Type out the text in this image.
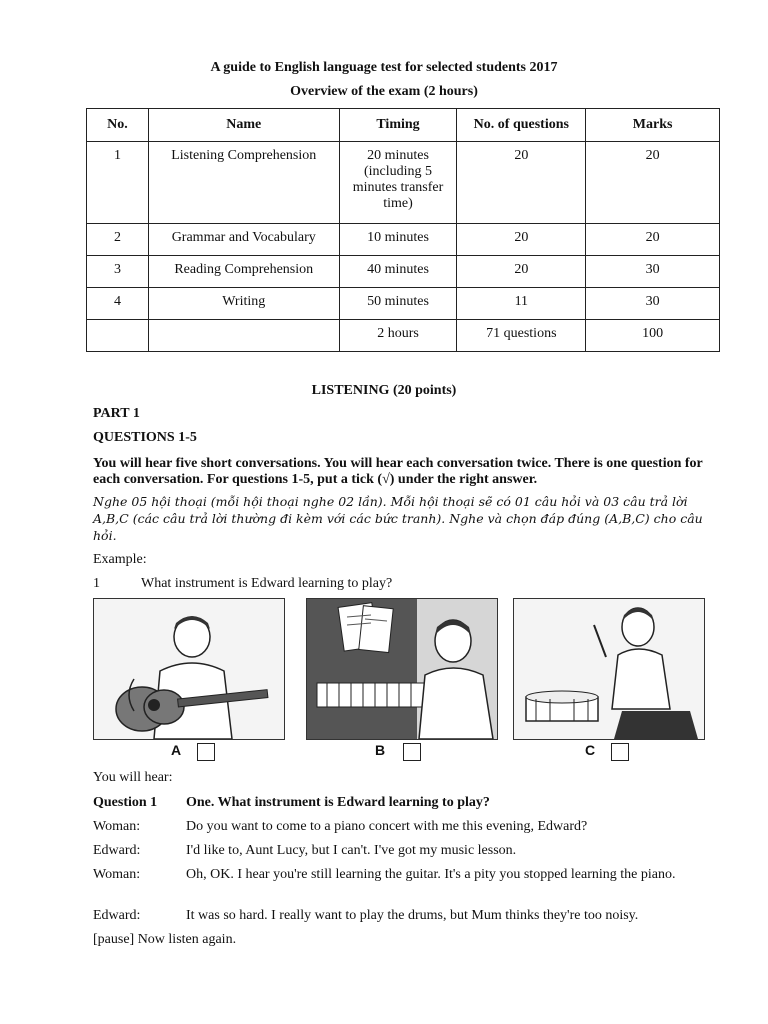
A guide to English language test for selected students 2017
Overview of the exam (2 hours)
No.	Name	Timing	No. of questions	Marks
1	Listening Comprehension	20 minutes (including 5 minutes transfer time)	20	20
2	Grammar and Vocabulary	10 minutes	20	20
3	Reading Comprehension	40 minutes	20	30
4	Writing	50 minutes	11	30
		2 hours	71 questions	100
LISTENING (20 points)
PART 1
QUESTIONS 1-5
You will hear five short conversations. You will hear each conversation twice. There is one question for each conversation. For questions 1-5, put a tick (√) under the right answer.
Nghe 05 hội thoại (mỗi hội thoại nghe 02 lần). Mỗi hội thoại sẽ có 01 câu hỏi và 03 câu trả lời A,B,C (các câu trả lời thường đi kèm với các bức tranh). Nghe và chọn đáp đúng (A,B,C) cho câu hỏi.
Example:
1	What instrument is Edward learning to play?
A	B	C
You will hear:
Question 1	One. What instrument is Edward learning to play?
Woman:	Do you want to come to a piano concert with me this evening, Edward?
Edward:	I'd like to, Aunt Lucy, but I can't. I've got my music lesson.
Woman:	Oh, OK. I hear you're still learning the guitar. It's a pity you stopped learning the piano.
Edward:	It was so hard. I really want to play the drums, but Mum thinks they're too noisy.
[pause] Now listen again.
